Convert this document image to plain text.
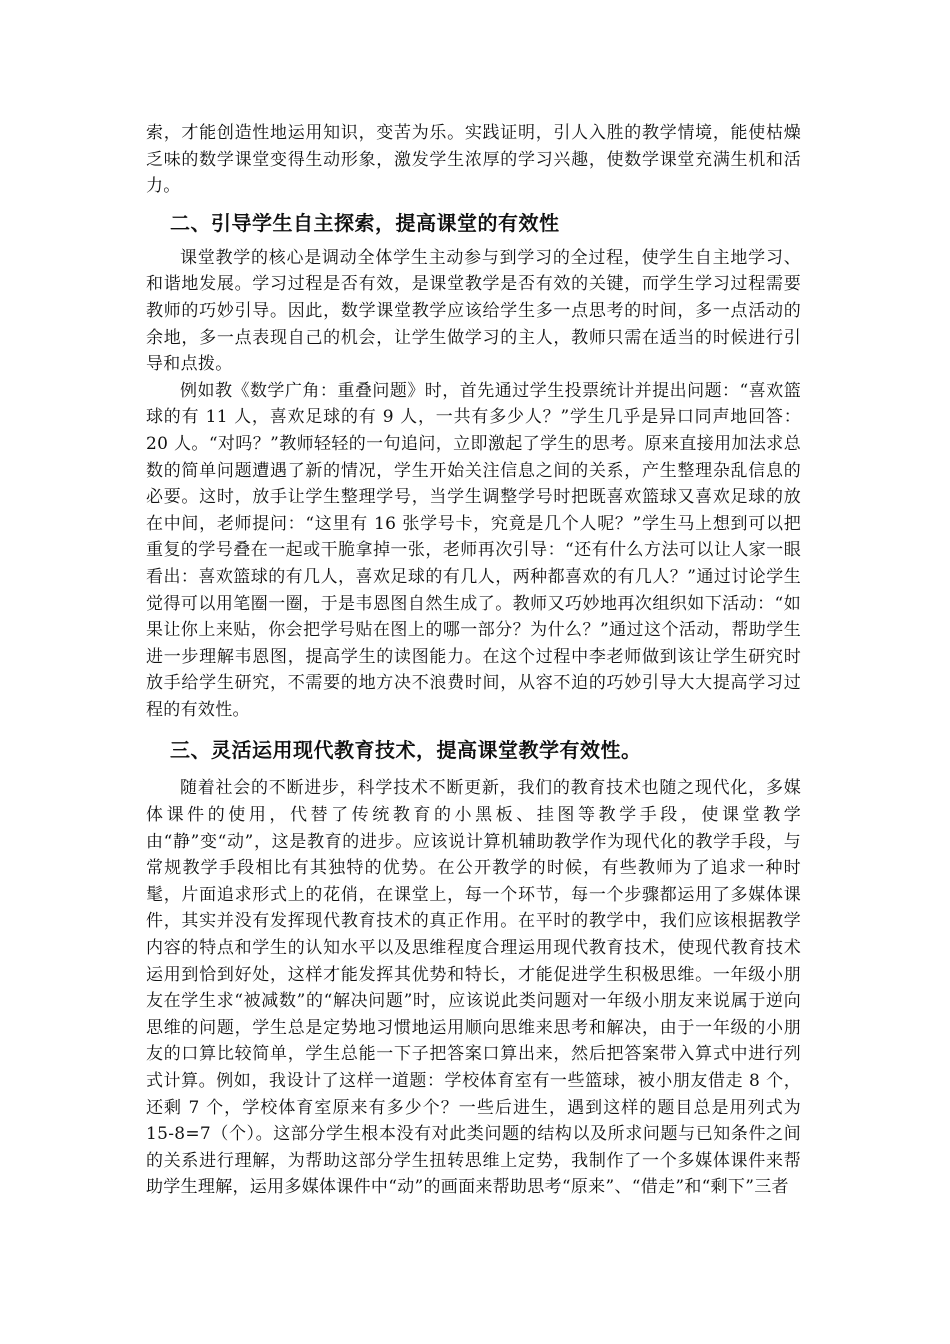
索，才能创造性地运用知识，变苦为乐。实践证明，引人入胜的教学情境，能使枯燥乏味的数学课堂变得生动形象，激发学生浓厚的学习兴趣，使数学课堂充满生机和活力。

二、引导学生自主探索，提高课堂的有效性

课堂教学的核心是调动全体学生主动参与到学习的全过程，使学生自主地学习、和谐地发展。学习过程是否有效，是课堂教学是否有效的关键，而学生学习过程需要教师的巧妙引导。因此，数学课堂教学应该给学生多一点思考的时间，多一点活动的余地，多一点表现自己的机会，让学生做学习的主人，教师只需在适当的时候进行引导和点拨。

例如教《数学广角：重叠问题》时，首先通过学生投票统计并提出问题：“喜欢篮球的有 11 人，喜欢足球的有 9 人，一共有多少人？”学生几乎是异口同声地回答：20 人。“对吗？”教师轻轻的一句追问，立即激起了学生的思考。原来直接用加法求总数的简单问题遭遇了新的情况，学生开始关注信息之间的关系，产生整理杂乱信息的必要。这时，放手让学生整理学号，当学生调整学号时把既喜欢篮球又喜欢足球的放在中间，老师提问：“这里有 16 张学号卡，究竟是几个人呢？”学生马上想到可以把重复的学号叠在一起或干脆拿掉一张，老师再次引导：“还有什么方法可以让人家一眼看出：喜欢篮球的有几人，喜欢足球的有几人，两种都喜欢的有几人？”通过讨论学生觉得可以用笔圈一圈，于是韦恩图自然生成了。教师又巧妙地再次组织如下活动：“如果让你上来贴，你会把学号贴在图上的哪一部分？为什么？”通过这个活动，帮助学生进一步理解韦恩图，提高学生的读图能力。在这个过程中李老师做到该让学生研究时放手给学生研究，不需要的地方决不浪费时间，从容不迫的巧妙引导大大提高学习过程的有效性。

三、灵活运用现代教育技术，提高课堂教学有效性。

随着社会的不断进步，科学技术不断更新，我们的教育技术也随之现代化，多媒体课件的使用，代替了传统教育的小黑板、挂图等教学手段，使课堂教学由“静”变“动”，这是教育的进步。应该说计算机辅助教学作为现代化的教学手段，与常规教学手段相比有其独特的优势。在公开教学的时候，有些教师为了追求一种时髦，片面追求形式上的花俏，在课堂上，每一个环节，每一个步骤都运用了多媒体课件，其实并没有发挥现代教育技术的真正作用。在平时的教学中，我们应该根据教学内容的特点和学生的认知水平以及思维程度合理运用现代教育技术，使现代教育技术运用到恰到好处，这样才能发挥其优势和特长，才能促进学生积极思维。一年级小朋友在学生求“被减数”的“解决问题”时，应该说此类问题对一年级小朋友来说属于逆向思维的问题，学生总是定势地习惯地运用顺向思维来思考和解决，由于一年级的小朋友的口算比较简单，学生总能一下子把答案口算出来，然后把答案带入算式中进行列式计算。例如，我设计了这样一道题：学校体育室有一些篮球，被小朋友借走 8 个，还剩 7 个，学校体育室原来有多少个？一些后进生，遇到这样的题目总是用列式为 15-8=7（个）。这部分学生根本没有对此类问题的结构以及所求问题与已知条件之间的关系进行理解，为帮助这部分学生扭转思维上定势，我制作了一个多媒体课件来帮助学生理解，运用多媒体课件中“动”的画面来帮助思考“原来”、“借走”和“剩下”三者
